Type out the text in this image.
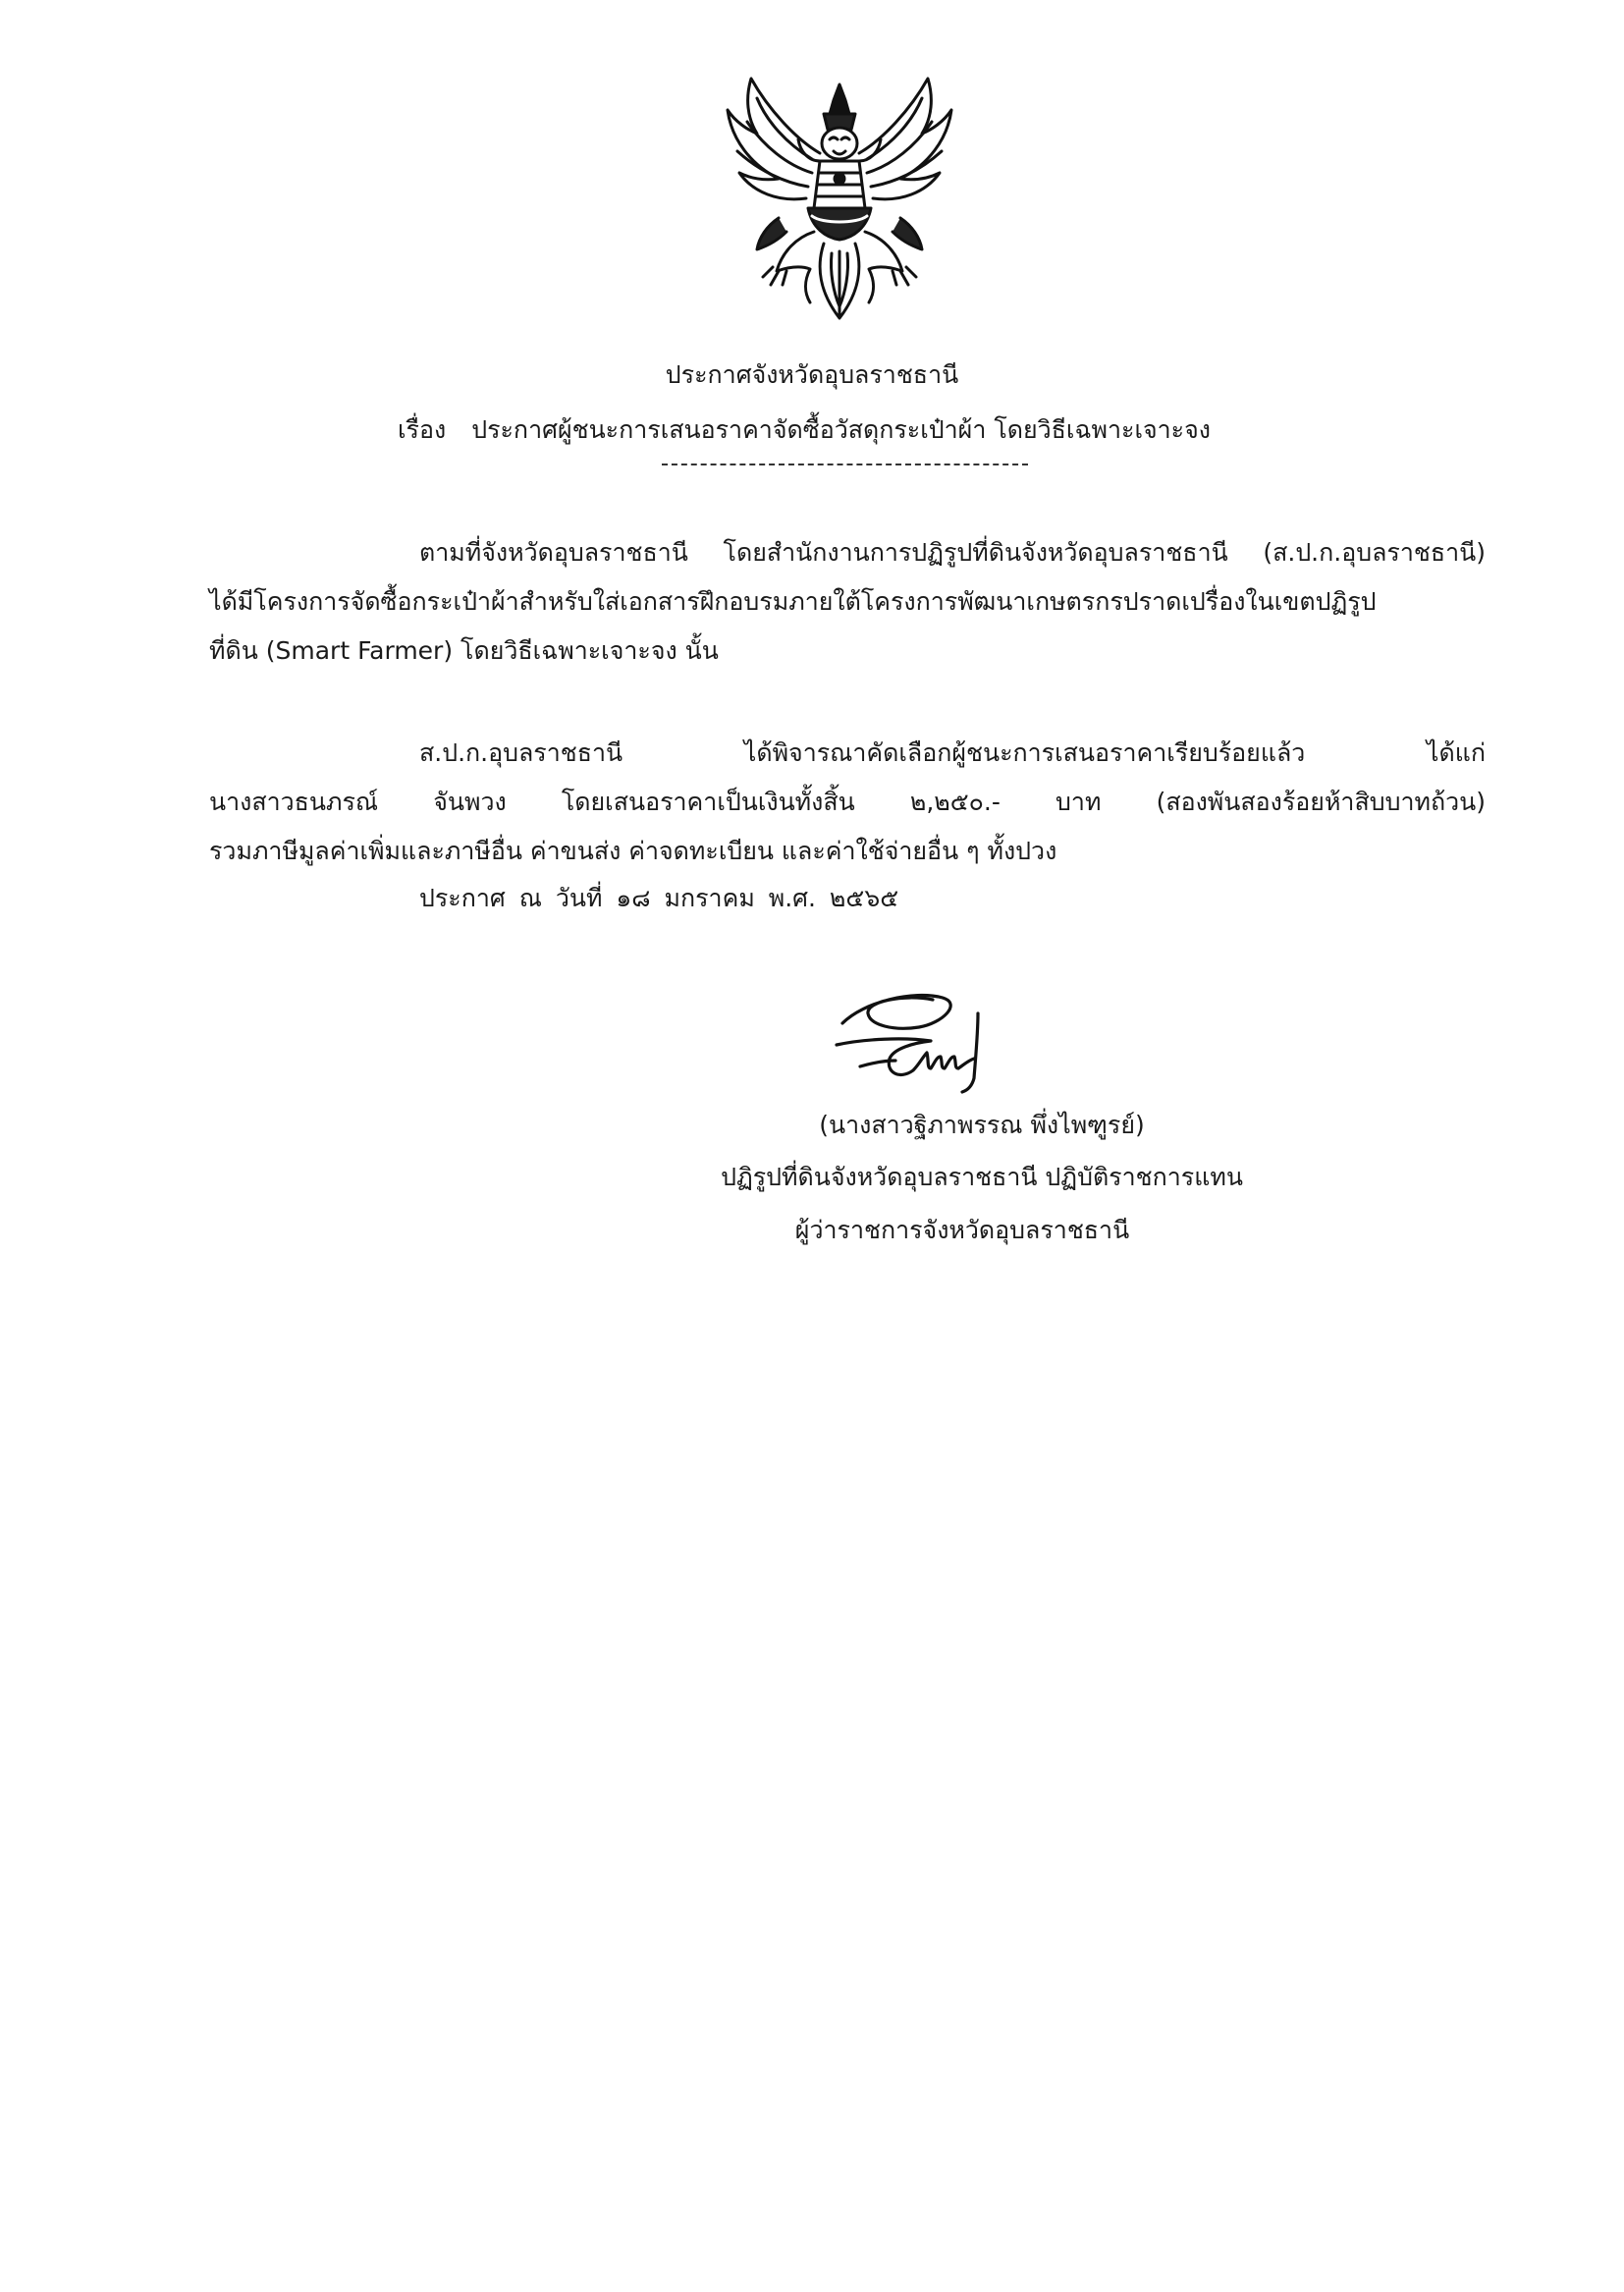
ประกาศจังหวัดอุบลราชธานี
เรื่อง ประกาศผู้ชนะการเสนอราคาจัดซื้อวัสดุกระเป๋าผ้า โดยวิธีเฉพาะเจาะจง
ตามที่จังหวัดอุบลราชธานี โดยสำนักงานการปฏิรูปที่ดินจังหวัดอุบลราชธานี (ส.ป.ก.อุบลราชธานี)
ได้มีโครงการจัดซื้อกระเป๋าผ้าสำหรับใส่เอกสารฝึกอบรมภายใต้โครงการพัฒนาเกษตรกรปราดเปรื่องในเขตปฏิรูป
ที่ดิน (Smart Farmer) โดยวิธีเฉพาะเจาะจง นั้น
ส.ป.ก.อุบลราชธานี ได้พิจารณาคัดเลือกผู้ชนะการเสนอราคาเรียบร้อยแล้ว ได้แก่
นางสาวธนภรณ์ จันพวง โดยเสนอราคาเป็นเงินทั้งสิ้น ๒,๒๕๐.- บาท (สองพันสองร้อยห้าสิบบาทถ้วน)
รวมภาษีมูลค่าเพิ่มและภาษีอื่น ค่าขนส่ง ค่าจดทะเบียน และค่าใช้จ่ายอื่น ๆ ทั้งปวง
ประกาศ ณ วันที่ ๑๘ มกราคม พ.ศ. ๒๕๖๕
(นางสาวฐิภาพรรณ พึ่งไพฑูรย์)
ปฏิรูปที่ดินจังหวัดอุบลราชธานี ปฏิบัติราชการแทน
ผู้ว่าราชการจังหวัดอุบลราชธานี
